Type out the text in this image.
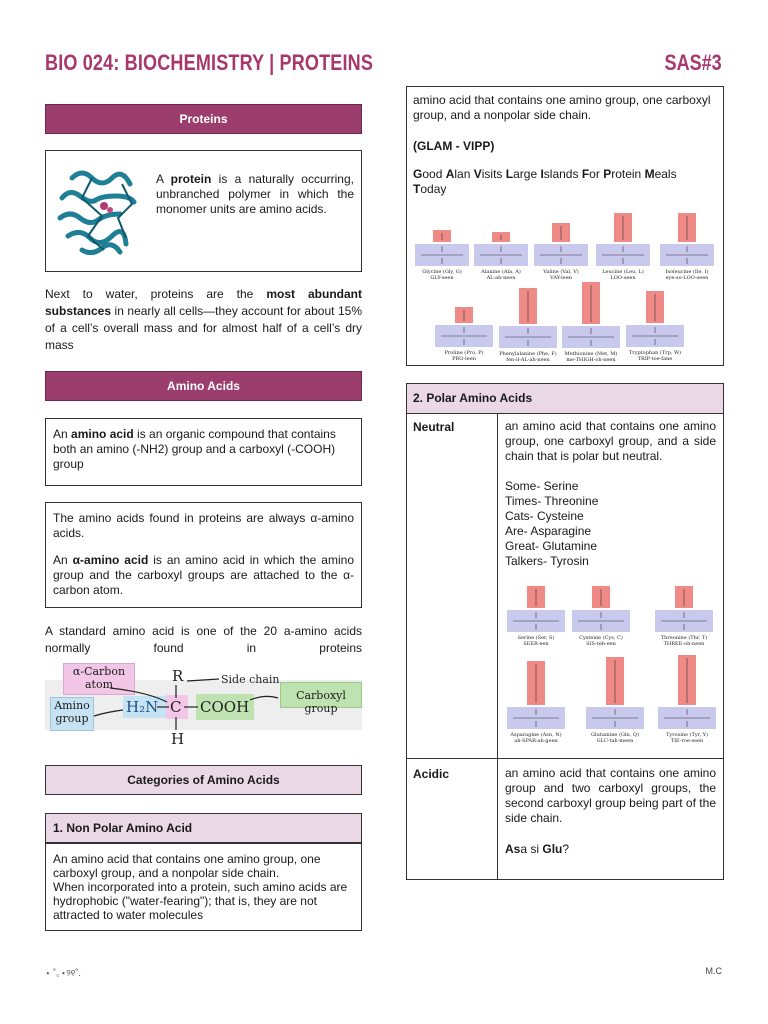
BIO 024: BIOCHEMISTRY | PROTEINS	SAS#3
Proteins
A protein is a naturally occurring, unbranched polymer in which the monomer units are amino acids.
Next to water, proteins are the most abundant substances in nearly all cells—they account for about 15% of a cell’s overall mass and for almost half of a cell’s dry mass
Amino Acids
An amino acid is an organic compound that contains both an amino (-NH2) group and a carboxyl (-COOH) group
The amino acids found in proteins are always α-amino acids.
An α-amino acid is an amino acid in which the amino group and the carboxyl groups are attached to the α-carbon atom.
A standard amino acid is one of the 20 a-amino acids normally found in proteins
α-Carbon atom
Amino group
Carboxyl group
R	Side chain
H₂N C COOH
H
Categories of Amino Acids
1. Non Polar Amino Acid
An amino acid that contains one amino group, one carboxyl group, and a nonpolar side chain.
When incorporated into a protein, such amino acids are hydrophobic ("water-fearing"); that is, they are not attracted to water molecules
amino acid that contains one amino group, one carboxyl group, and a nonpolar side chain.
(GLAM - VIPP)
Good Alan Visits Large Islands For Protein Meals Today
Glycine (Gly, G)
GLY-seen
Alanine (Ala, A)
AL-ah-neen
Valine (Val, V)
VAY-leen
Leucine (Leu, L)
LOO-seen
Isoleucine (Ile, I)
eye-so-LOO-seen
Proline (Pro, P)
PRO-leen
Phenylalanine (Phe, F)
fen-il-AL-ah-neen
Methionine (Met, M)
me-THIGH-oh-neen
Tryptophan (Trp, W)
TRIP-toe-fane
2. Polar Amino Acids
Neutral	an amino acid that contains one amino group, one carboxyl group, and a side chain that is polar but neutral.
Some- Serine
Times- Threonine
Cats- Cysteine
Are- Asparagine
Great- Glutamine
Talkers- Tyrosin
Serine (Ser, S)
SEER-een
Cysteine (Cys, C)
SIS-teh-een
Threonine (Thr, T)
THREE-oh-neen
Asparagine (Asn, N)
ah-SPAR-ah-geen
Glutamine (Gln, Q)
GLU-tah-meen
Tyrosine (Tyr, Y)
TIE-roe-seen
Acidic	an amino acid that contains one amino group and two carboxyl groups, the second carboxyl group being part of the side chain.
Asa si Glu?
⋆ ˚｡⋆୨୧˚.	M.C
